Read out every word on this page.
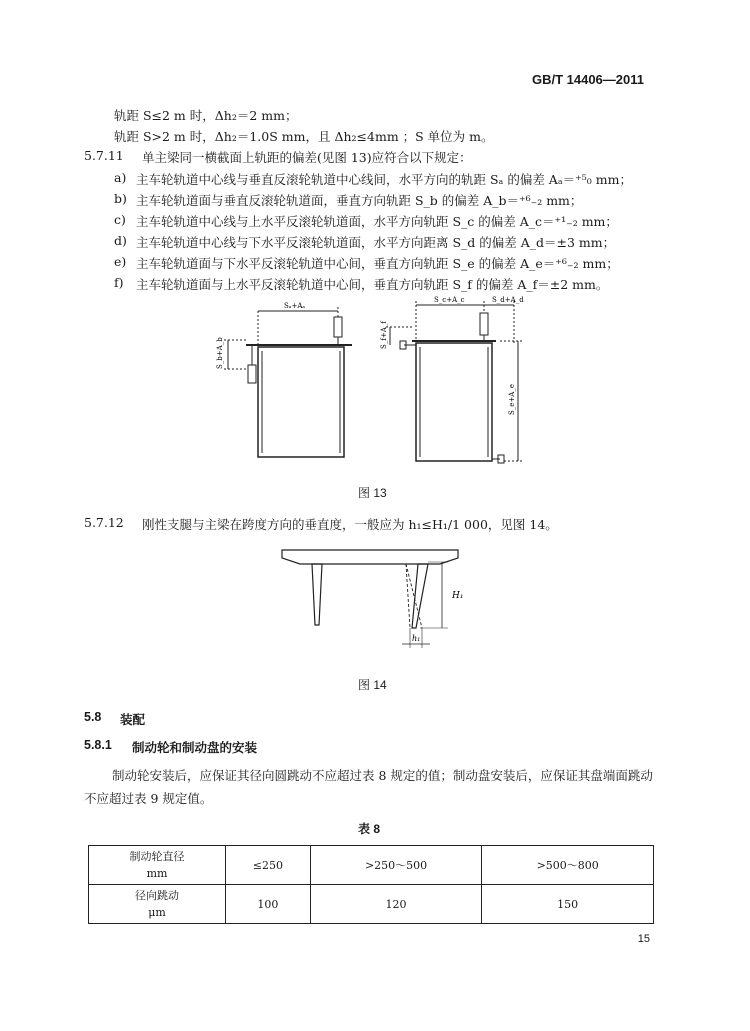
GB/T 14406—2011
轨距 S≤2 m 时，Δh₂＝2 mm；
轨距 S>2 m 时，Δh₂＝1.0S mm，且 Δh₂≤4mm ；S 单位为 m。
5.7.11 单主梁同一横截面上轨距的偏差(见图 13)应符合以下规定：
a) 主车轮轨道中心线与垂直反滚轮轨道中心线间，水平方向的轨距 Sₐ 的偏差 Aₐ＝⁺⁵₀ mm；
b) 主车轮轨道面与垂直反滚轮轨道面，垂直方向轨距 S_b 的偏差 A_b＝⁺⁶₋₂ mm；
c) 主车轮轨道中心线与上水平反滚轮轨道面，水平方向轨距 S_c 的偏差 A_c＝⁺¹₋₂ mm；
d) 主车轮轨道中心线与下水平反滚轮轨道面，水平方向距离 S_d 的偏差 A_d＝±3 mm；
e) 主车轮轨道面与下水平反滚轮轨道中心间，垂直方向轨距 S_e 的偏差 A_e＝⁺⁶₋₂ mm；
f) 主车轮轨道面与上水平反滚轮轨道中心间，垂直方向轨距 S_f 的偏差 A_f＝±2 mm。
Sₐ+Aₐ
S_b+A_b
S_c+A_c	S_d+A_d
S_f+A_f
S_e+A_e
图 13
5.7.12 刚性支腿与主梁在跨度方向的垂直度，一般应为 h₁≤H₁/1 000，见图 14。
H₁
h₁
图 14
5.8 装配
5.8.1 制动轮和制动盘的安装
制动轮安装后，应保证其径向圆跳动不应超过表 8 规定的值；制动盘安装后，应保证其盘端面跳动不应超过表 9 规定值。
表 8
制动轮直径
mm	≤250	>250～500	>500～800

径向跳动
μm	100	120	150
15
